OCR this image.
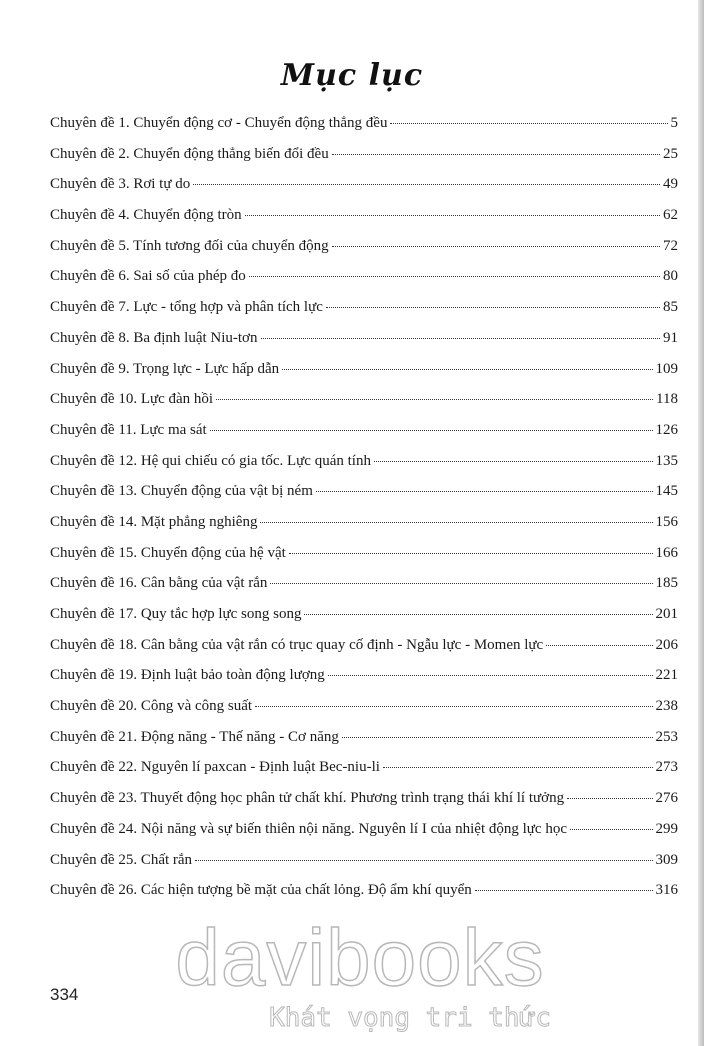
Mục lục
Chuyên đề 1. Chuyển động cơ - Chuyển động thẳng đều	5
Chuyên đề 2. Chuyển động thẳng biến đổi đều	25
Chuyên đề 3. Rơi tự do	49
Chuyên đề 4. Chuyển động tròn	62
Chuyên đề 5. Tính tương đối của chuyển động	72
Chuyên đề 6. Sai số của phép đo	80
Chuyên đề 7. Lực - tổng hợp và phân tích lực	85
Chuyên đề 8. Ba định luật Niu-tơn	91
Chuyên đề 9. Trọng lực - Lực hấp dẫn	109
Chuyên đề 10. Lực đàn hồi	118
Chuyên đề 11. Lực ma sát	126
Chuyên đề 12. Hệ qui chiếu có gia tốc. Lực quán tính	135
Chuyên đề 13. Chuyển động của vật bị ném	145
Chuyên đề 14. Mặt phẳng nghiêng	156
Chuyên đề 15. Chuyển động của hệ vật	166
Chuyên đề 16. Cân bằng của vật rắn	185
Chuyên đề 17. Quy tắc hợp lực song song	201
Chuyên đề 18. Cân bằng của vật rắn có trục quay cố định - Ngẫu lực - Momen lực	206
Chuyên đề 19. Định luật bảo toàn động lượng	221
Chuyên đề 20. Công và công suất	238
Chuyên đề 21. Động năng - Thế năng - Cơ năng	253
Chuyên đề 22. Nguyên lí paxcan - Định luật Bec-niu-li	273
Chuyên đề 23. Thuyết động học phân tử chất khí. Phương trình trạng thái khí lí tưởng	276
Chuyên đề 24. Nội năng và sự biến thiên nội năng. Nguyên lí I của nhiệt động lực học	299
Chuyên đề 25. Chất rắn	309
Chuyên đề 26. Các hiện tượng bề mặt của chất lỏng. Độ ẩm khí quyển	316
334	davibooks
Khát vọng tri thức
